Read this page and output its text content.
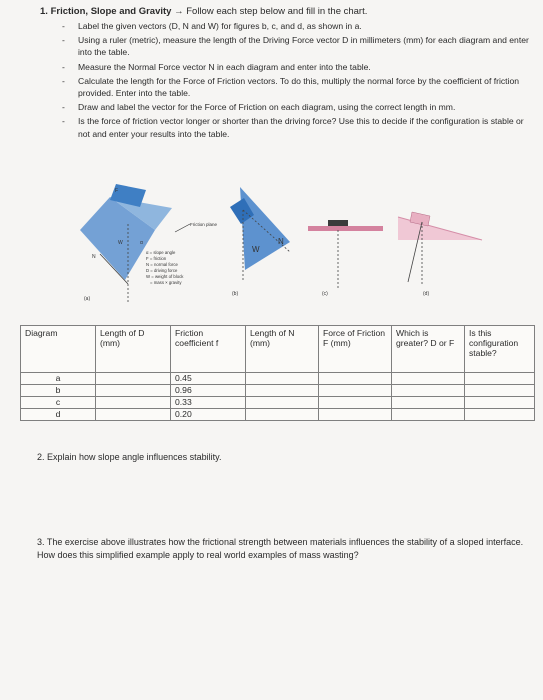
1. Friction, Slope and Gravity → Follow each step below and fill in the chart.
- Label the given vectors (D, N and W) for figures b, c, and d, as shown in a.
- Using a ruler (metric), measure the length of the Driving Force vector D in millimeters (mm) for each diagram and enter into the table.
- Measure the Normal Force vector N in each diagram and enter into the table.
- Calculate the length for the Force of Friction vectors. To do this, multiply the normal force by the coefficient of friction provided. Enter into the table.
- Draw and label the vector for the Force of Friction on each diagram, using the correct length in mm.
- Is the force of friction vector longer or shorter than the driving force? Use this to decide if the configuration is stable or not and enter your results into the table.
W
N
α
F
(a)
Friction plane
α = slope angle
F = friction
N = normal force
D = driving force
W = weight of block
= mass × gravity
(b)
W
N
(c)	(d)
Diagram	Length of D (mm)	Friction coefficient f	Length of N (mm)	Force of Friction F (mm)	Which is greater? D or F	Is this configuration stable?
a		0.45				
b		0.96				
c		0.33				
d		0.20				
2. Explain how slope angle influences stability.
3. The exercise above illustrates how the frictional strength between materials influences the stability of a sloped interface. How does this simplified example apply to real world examples of mass wasting?
